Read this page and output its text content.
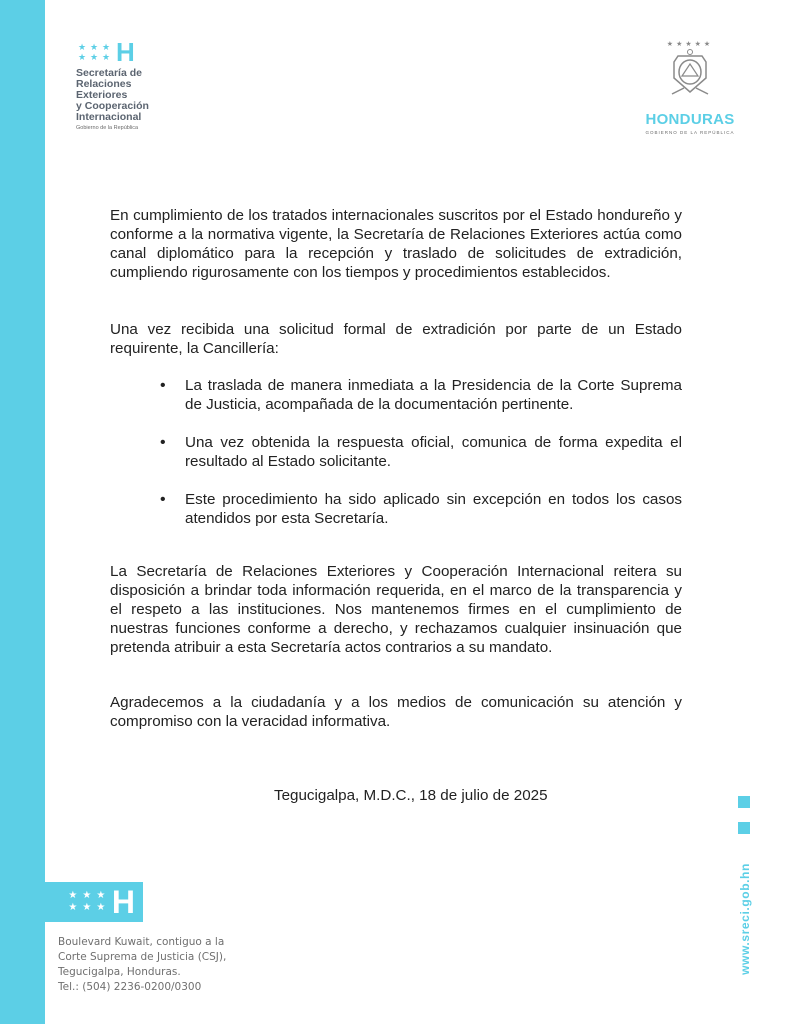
★ ★
★
★ ★ ★ H
Secretaría de
Relaciones
Exteriores
y Cooperación
Internacional
Gobierno de la República
★★★★★
HONDURAS
GOBIERNO DE LA REPÚBLICA

En cumplimiento de los tratados internacionales suscritos por el Estado hondureño y conforme a la normativa vigente, la Secretaría de Relaciones Exteriores actúa como canal diplomático para la recepción y traslado de solicitudes de extradición, cumpliendo rigurosamente con los tiempos y procedimientos establecidos.

Una vez recibida una solicitud formal de extradición por parte de un Estado requirente, la Cancillería:

• La traslada de manera inmediata a la Presidencia de la Corte Suprema de Justicia, acompañada de la documentación pertinente.
• Una vez obtenida la respuesta oficial, comunica de forma expedita el resultado al Estado solicitante.
• Este procedimiento ha sido aplicado sin excepción en todos los casos atendidos por esta Secretaría.

La Secretaría de Relaciones Exteriores y Cooperación Internacional reitera su disposición a brindar toda información requerida, en el marco de la transparencia y el respeto a las instituciones. Nos mantenemos firmes en el cumplimiento de nuestras funciones conforme a derecho, y rechazamos cualquier insinuación que pretenda atribuir a esta Secretaría actos contrarios a su mandato.

Agradecemos a la ciudadanía y a los medios de comunicación su atención y compromiso con la veracidad informativa.

Tegucigalpa, M.D.C., 18 de julio de 2025
★ ★ ★
★ ★ ★ H
Boulevard Kuwait, contiguo a la
Corte Suprema de Justicia (CSJ),
Tegucigalpa, Honduras.
Tel.: (504) 2236-0200/0300
www.sreci.gob.hn
